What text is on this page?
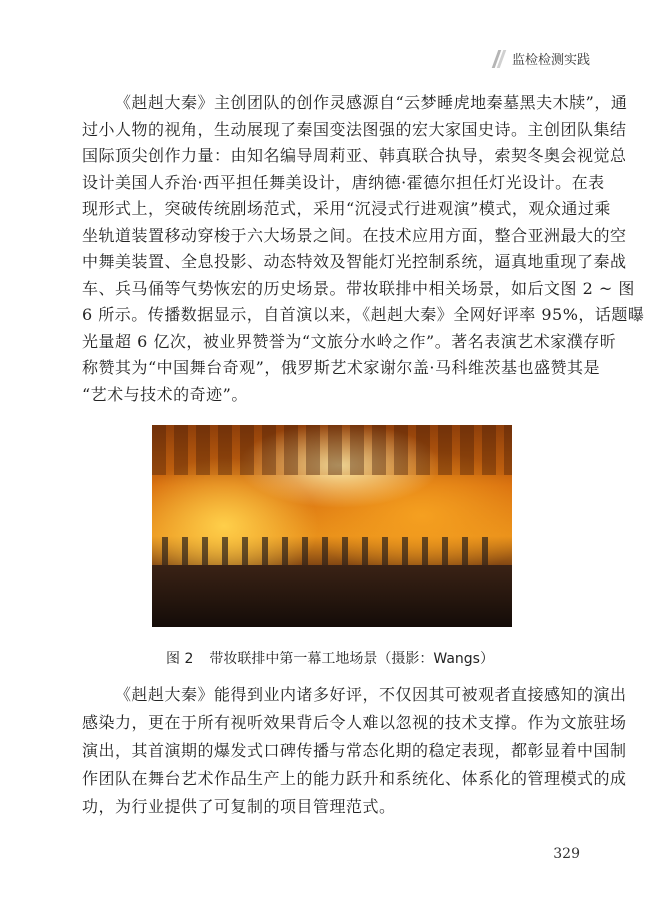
监检检测实践
《赳赳大秦》主创团队的创作灵感源自“云梦睡虎地秦墓黑夫木牍”，通
过小人物的视角，生动展现了秦国变法图强的宏大家国史诗。主创团队集结
国际顶尖创作力量：由知名编导周莉亚、韩真联合执导，索契冬奥会视觉总
设计美国人乔治·西平担任舞美设计，唐纳德·霍德尔担任灯光设计。在表
现形式上，突破传统剧场范式，采用“沉浸式行进观演”模式，观众通过乘
坐轨道装置移动穿梭于六大场景之间。在技术应用方面，整合亚洲最大的空
中舞美装置、全息投影、动态特效及智能灯光控制系统，逼真地重现了秦战
车、兵马俑等气势恢宏的历史场景。带妆联排中相关场景，如后文图 2 ~ 图
6 所示。传播数据显示，自首演以来，《赳赳大秦》全网好评率 95%，话题曝
光量超 6 亿次，被业界赞誉为“文旅分水岭之作”。著名表演艺术家濮存昕
称赞其为“中国舞台奇观”，俄罗斯艺术家谢尔盖·马科维茨基也盛赞其是
“艺术与技术的奇迹”。
图 2 带妆联排中第一幕工地场景（摄影：Wangs）
《赳赳大秦》能得到业内诸多好评，不仅因其可被观者直接感知的演出
感染力，更在于所有视听效果背后令人难以忽视的技术支撑。作为文旅驻场
演出，其首演期的爆发式口碑传播与常态化期的稳定表现，都彰显着中国制
作团队在舞台艺术作品生产上的能力跃升和系统化、体系化的管理模式的成
功，为行业提供了可复制的项目管理范式。
329
